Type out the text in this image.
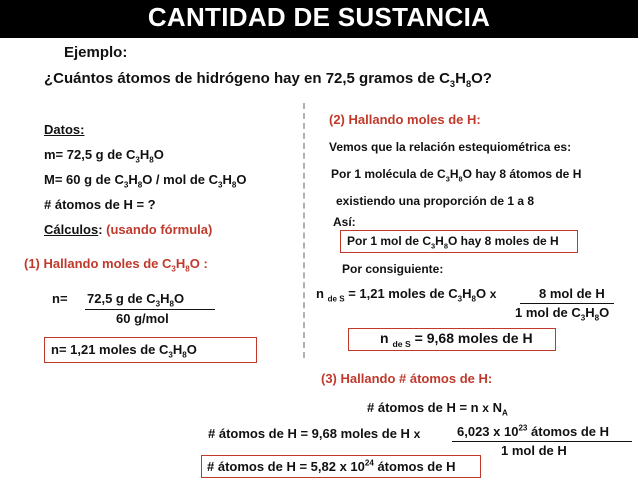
CANTIDAD DE SUSTANCIA
Ejemplo:
¿Cuántos átomos de hidrógeno hay en 72,5 gramos de $C_3H_8O$?
Datos:
m= 72,5 g de $C_3H_8O$
M= 60 g de $C_3H_8O$ / mol de $C_3H_8O$
# átomos de H = ?
Cálculos: (usando fórmula)
(1) Hallando moles de $C_3H_8O$ :
n= 72,5 g de $C_3H_8O$
60 g/mol
n= 1,21 moles de $C_3H_8O$
(2) Hallando moles de H:
Vemos que la relación estequiométrica es:
Por 1 molécula de $C_3H_8O$ hay 8 átomos de H
existiendo una proporción de 1 a 8
Así:
Por 1 mol de $C_3H_8O$ hay 8 moles de H
Por consiguiente:
n $_{de S}$ = 1,21 moles de $C_3H_8O$ x	8 mol de H
1 mol de $C_3H_8O$
n $_{de S}$ = 9,68 moles de H
(3) Hallando # átomos de H:
# átomos de H = n x $N_A$
# átomos de H = 9,68 moles de H x	6,023 x $10^{23}$ átomos de H
1 mol de H
# átomos de H = 5,82 x $10^{24}$ átomos de H
